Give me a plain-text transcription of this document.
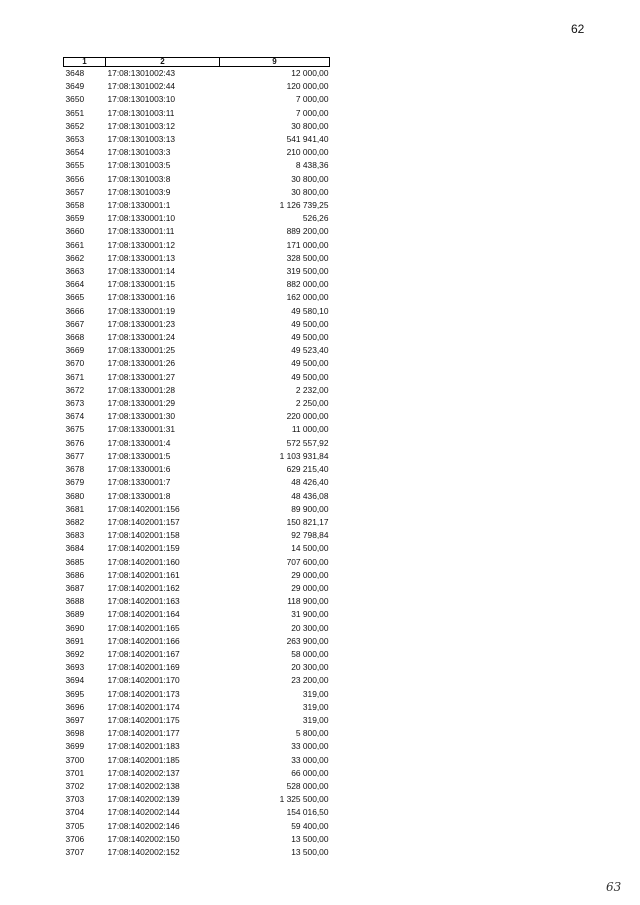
62
1	2	9
3648	17:08:1301002:43	12 000,00
3649	17:08:1301002:44	120 000,00
3650	17:08:1301003:10	7 000,00
3651	17:08:1301003:11	7 000,00
3652	17:08:1301003:12	30 800,00
3653	17:08:1301003:13	541 941,40
3654	17:08:1301003:3	210 000,00
3655	17:08:1301003:5	8 438,36
3656	17:08:1301003:8	30 800,00
3657	17:08:1301003:9	30 800,00
3658	17:08:1330001:1	1 126 739,25
3659	17:08:1330001:10	526,26
3660	17:08:1330001:11	889 200,00
3661	17:08:1330001:12	171 000,00
3662	17:08:1330001:13	328 500,00
3663	17:08:1330001:14	319 500,00
3664	17:08:1330001:15	882 000,00
3665	17:08:1330001:16	162 000,00
3666	17:08:1330001:19	49 580,10
3667	17:08:1330001:23	49 500,00
3668	17:08:1330001:24	49 500,00
3669	17:08:1330001:25	49 523,40
3670	17:08:1330001:26	49 500,00
3671	17:08:1330001:27	49 500,00
3672	17:08:1330001:28	2 232,00
3673	17:08:1330001:29	2 250,00
3674	17:08:1330001:30	220 000,00
3675	17:08:1330001:31	11 000,00
3676	17:08:1330001:4	572 557,92
3677	17:08:1330001:5	1 103 931,84
3678	17:08:1330001:6	629 215,40
3679	17:08:1330001:7	48 426,40
3680	17:08:1330001:8	48 436,08
3681	17:08:1402001:156	89 900,00
3682	17:08:1402001:157	150 821,17
3683	17:08:1402001:158	92 798,84
3684	17:08:1402001:159	14 500,00
3685	17:08:1402001:160	707 600,00
3686	17:08:1402001:161	29 000,00
3687	17:08:1402001:162	29 000,00
3688	17:08:1402001:163	118 900,00
3689	17:08:1402001:164	31 900,00
3690	17:08:1402001:165	20 300,00
3691	17:08:1402001:166	263 900,00
3692	17:08:1402001:167	58 000,00
3693	17:08:1402001:169	20 300,00
3694	17:08:1402001:170	23 200,00
3695	17:08:1402001:173	319,00
3696	17:08:1402001:174	319,00
3697	17:08:1402001:175	319,00
3698	17:08:1402001:177	5 800,00
3699	17:08:1402001:183	33 000,00
3700	17:08:1402001:185	33 000,00
3701	17:08:1402002:137	66 000,00
3702	17:08:1402002:138	528 000,00
3703	17:08:1402002:139	1 325 500,00
3704	17:08:1402002:144	154 016,50
3705	17:08:1402002:146	59 400,00
3706	17:08:1402002:150	13 500,00
3707	17:08:1402002:152	13 500,00
63
